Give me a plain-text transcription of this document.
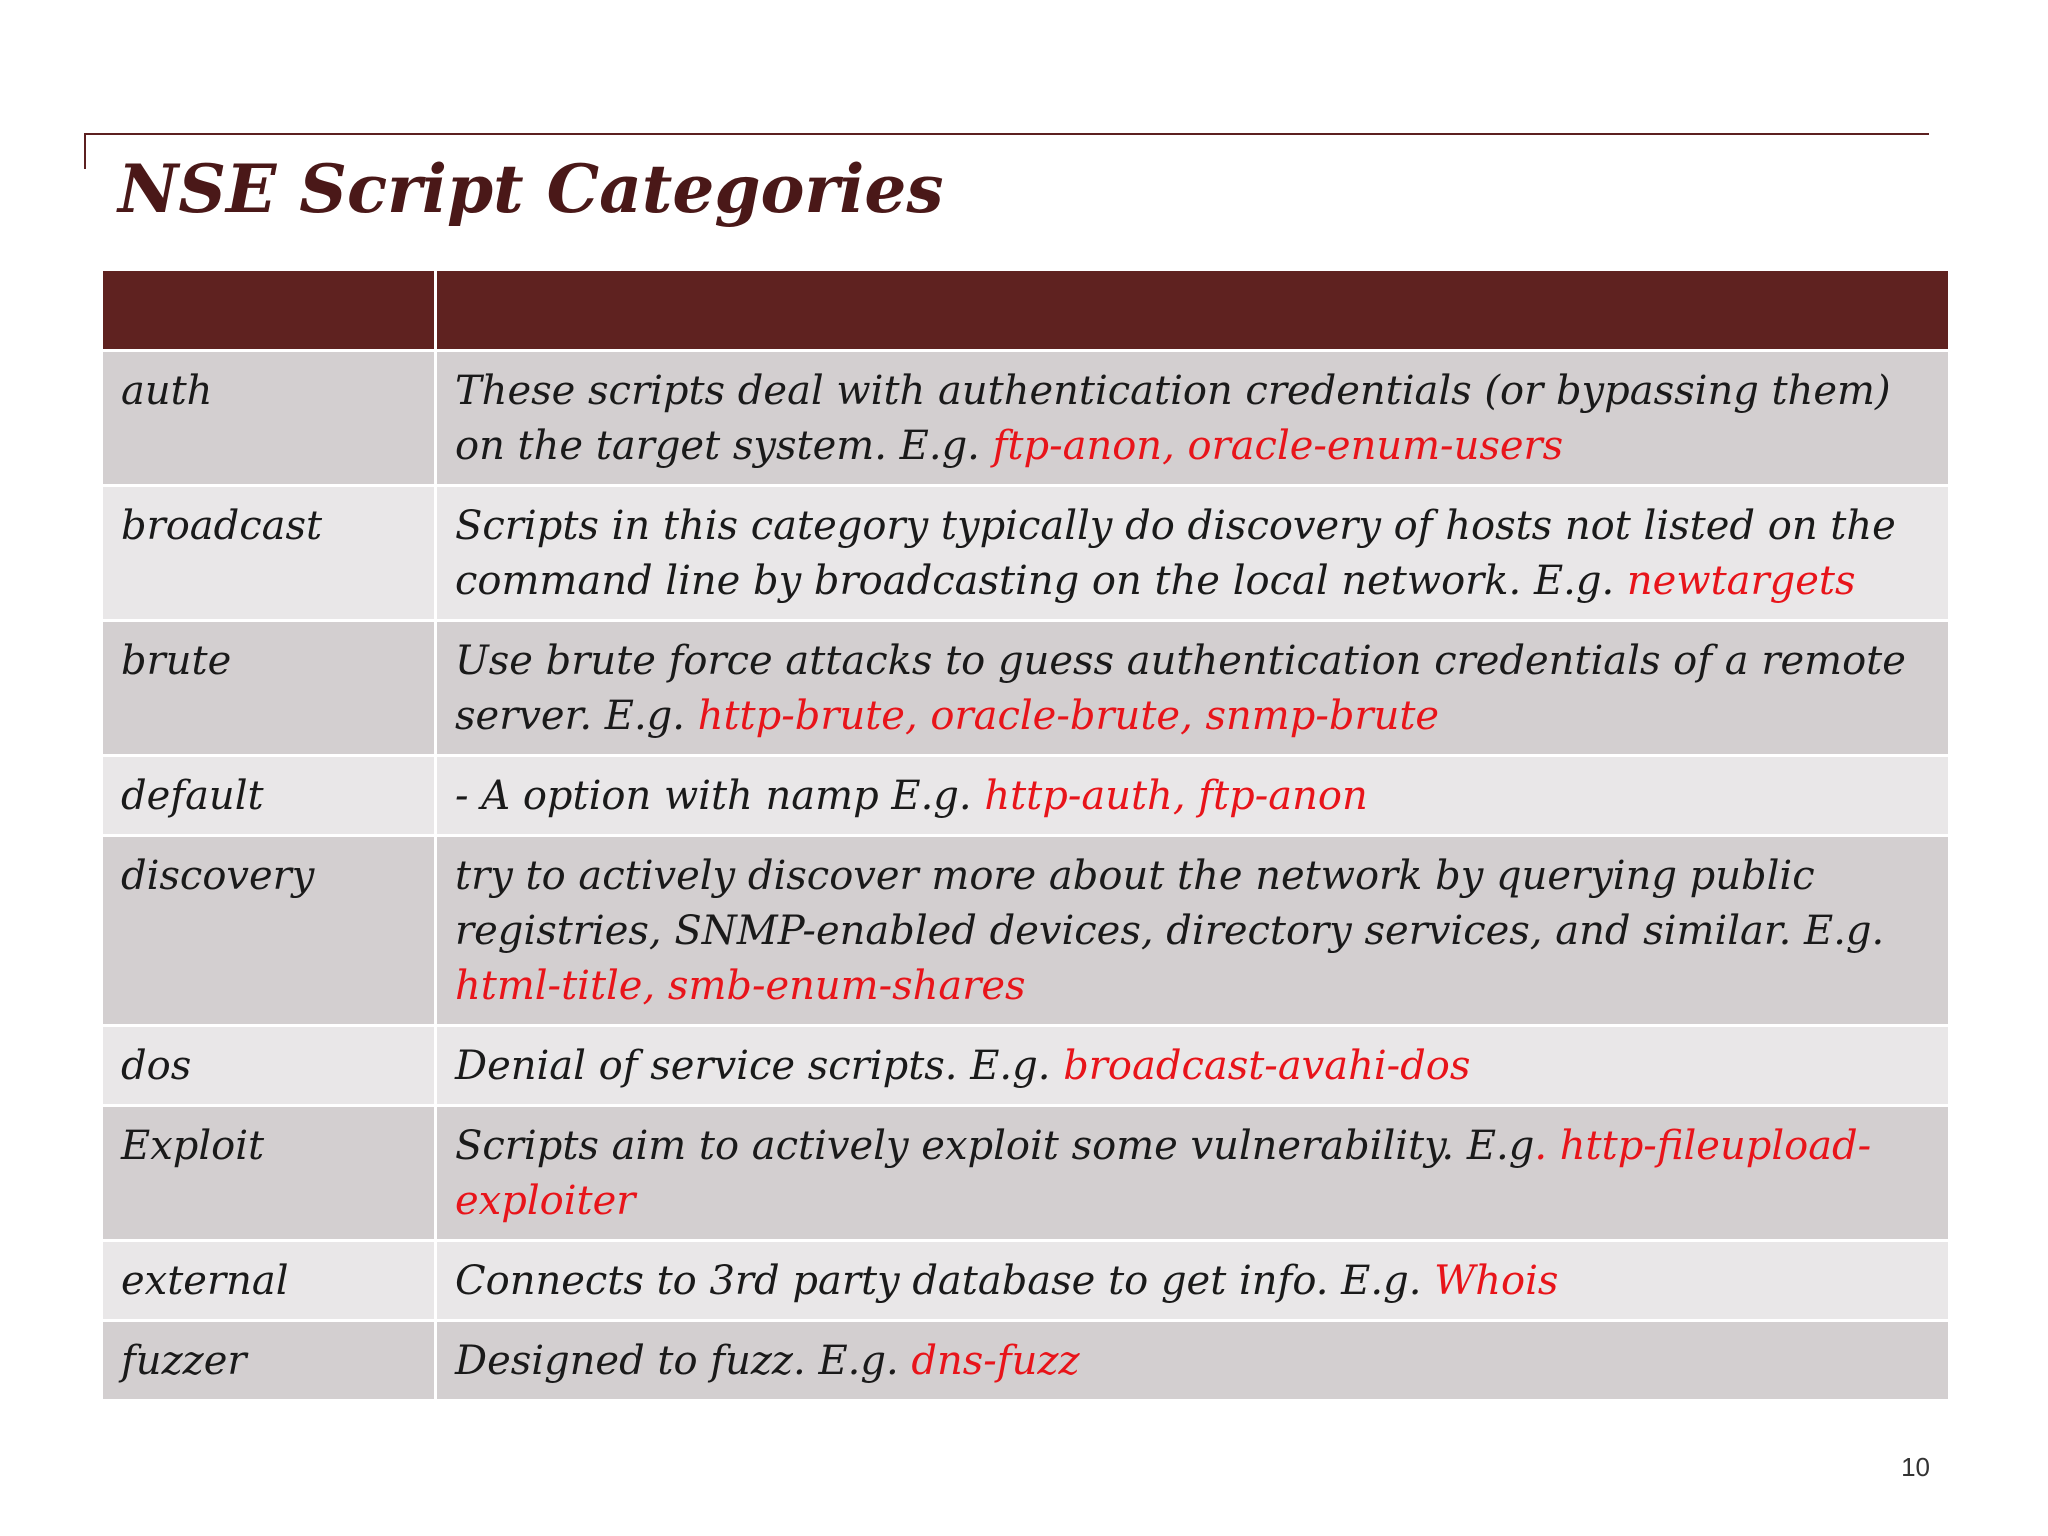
NSE Script Categories

auth	These scripts deal with authentication credentials (or bypassing them) on the target system. E.g. ftp-anon, oracle-enum-users
broadcast	Scripts in this category typically do discovery of hosts not listed on the command line by broadcasting on the local network. E.g. newtargets
brute	Use brute force attacks to guess authentication credentials of a remote server. E.g. http-brute, oracle-brute, snmp-brute
default	- A option with namp E.g. http-auth, ftp-anon
discovery	try to actively discover more about the network by querying public registries, SNMP-enabled devices, directory services, and similar. E.g. html-title, smb-enum-shares
dos	Denial of service scripts. E.g. broadcast-avahi-dos
Exploit	Scripts aim to actively exploit some vulnerability. E.g. http-fileupload-exploiter
external	Connects to 3rd party database to get info. E.g. Whois
fuzzer	Designed to fuzz. E.g. dns-fuzz
10
